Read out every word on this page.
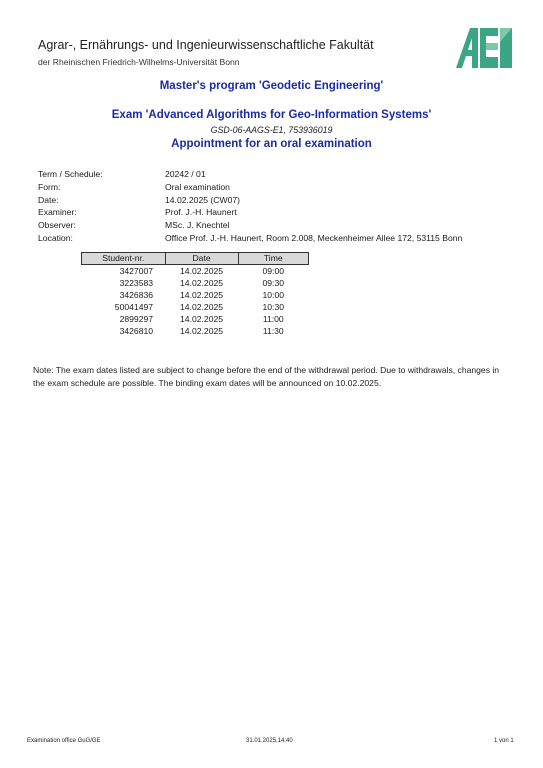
Agrar-, Ernährungs- und Ingenieurwissenschaftliche Fakultät
der Rheinischen Friedrich-Wilhelms-Universität Bonn
Master's program 'Geodetic Engineering'
Exam 'Advanced Algorithms for Geo-Information Systems'
GSD-06-AAGS-E1, 753936019
Appointment for an oral examination
Term / Schedule:	20242 / 01
Form:	Oral examination
Date:	14.02.2025 (CW07)
Examiner:	Prof. J.-H. Haunert
Observer:	MSc. J. Knechtel
Location:	Office Prof. J.-H. Haunert, Room 2.008, Meckenheimer Allee 172, 53115 Bonn
Student-nr.	Date	Time
3427007	14.02.2025	09:00
3223583	14.02.2025	09:30
3426836	14.02.2025	10:00
50041497	14.02.2025	10:30
2899297	14.02.2025	11:00
3426810	14.02.2025	11:30
Note: The exam dates listed are subject to change before the end of the withdrawal period. Due to withdrawals, changes in the exam schedule are possible. The binding exam dates will be announced on 10.02.2025.
Examination office GuG/GE	31.01.2025,14:40	1 von 1
